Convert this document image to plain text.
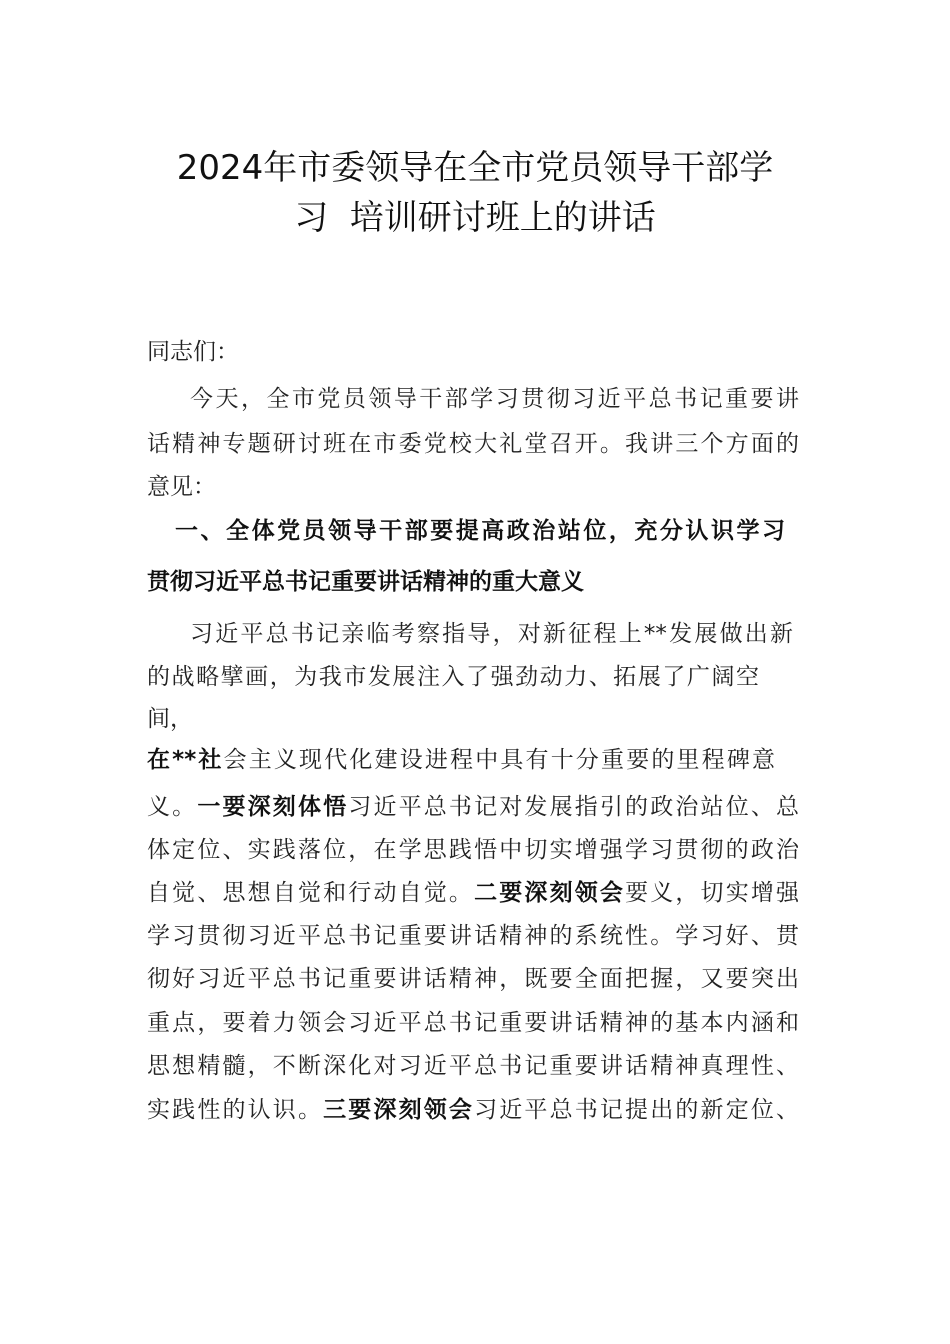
2024年市委领导在全市党员领导干部学
习  培训研讨班上的讲话
同志们：
今天，全市党员领导干部学习贯彻习近平总书记重要讲
话精神专题研讨班在市委党校大礼堂召开。我讲三个方面的
意见：
一、全体党员领导干部要提高政治站位，充分认识学习
贯彻习近平总书记重要讲话精神的重大意义
习近平总书记亲临考察指导，对新征程上**发展做出新
的战略擘画，为我市发展注入了强劲动力、拓展了广阔空
间，
在**社会主义现代化建设进程中具有十分重要的里程碑意
义。一要深刻体悟习近平总书记对发展指引的政治站位、总
体定位、实践落位，在学思践悟中切实增强学习贯彻的政治
自觉、思想自觉和行动自觉。二要深刻领会要义，切实增强
学习贯彻习近平总书记重要讲话精神的系统性。学习好、贯
彻好习近平总书记重要讲话精神，既要全面把握，又要突出
重点，要着力领会习近平总书记重要讲话精神的基本内涵和
思想精髓，不断深化对习近平总书记重要讲话精神真理性、
实践性的认识。三要深刻领会习近平总书记提出的新定位、
